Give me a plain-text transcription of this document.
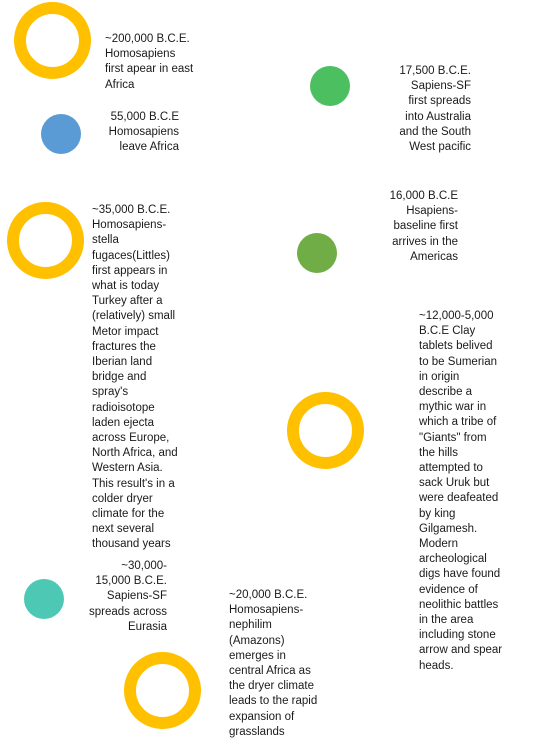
~200,000 B.C.E.
Homosapiens
first apear in east
Africa

55,000 B.C.E
Homosapiens
leave Africa

~35,000 B.C.E.
Homosapiens-
stella
fugaces(Littles)
first appears in
what is today
Turkey after a
(relatively) small
Metor impact
fractures the
Iberian land
bridge and
spray's
radioisotope
laden ejecta
across Europe,
North Africa, and
Western Asia.
This result's in a
colder dryer
climate for the
next several
thousand years

~30,000-
15,000 B.C.E.
Sapiens-SF
spreads across
Eurasia

~20,000 B.C.E.
Homosapiens-
nephilim
(Amazons)
emerges in
central Africa as
the dryer climate
leads to the rapid
expansion of
grasslands

17,500 B.C.E.
Sapiens-SF
first spreads
into Australia
and the South
West pacific

16,000 B.C.E
Hsapiens-
baseline first
arrives in the
Americas

~12,000-5,000
B.C.E Clay
tablets belived
to be Sumerian
in origin
describe a
mythic war in
which a tribe of
"Giants" from
the hills
attempted to
sack Uruk but
were deafeated
by king
Gilgamesh.
Modern
archeological
digs have found
evidence of
neolithic battles
in the area
including stone
arrow and spear
heads.
